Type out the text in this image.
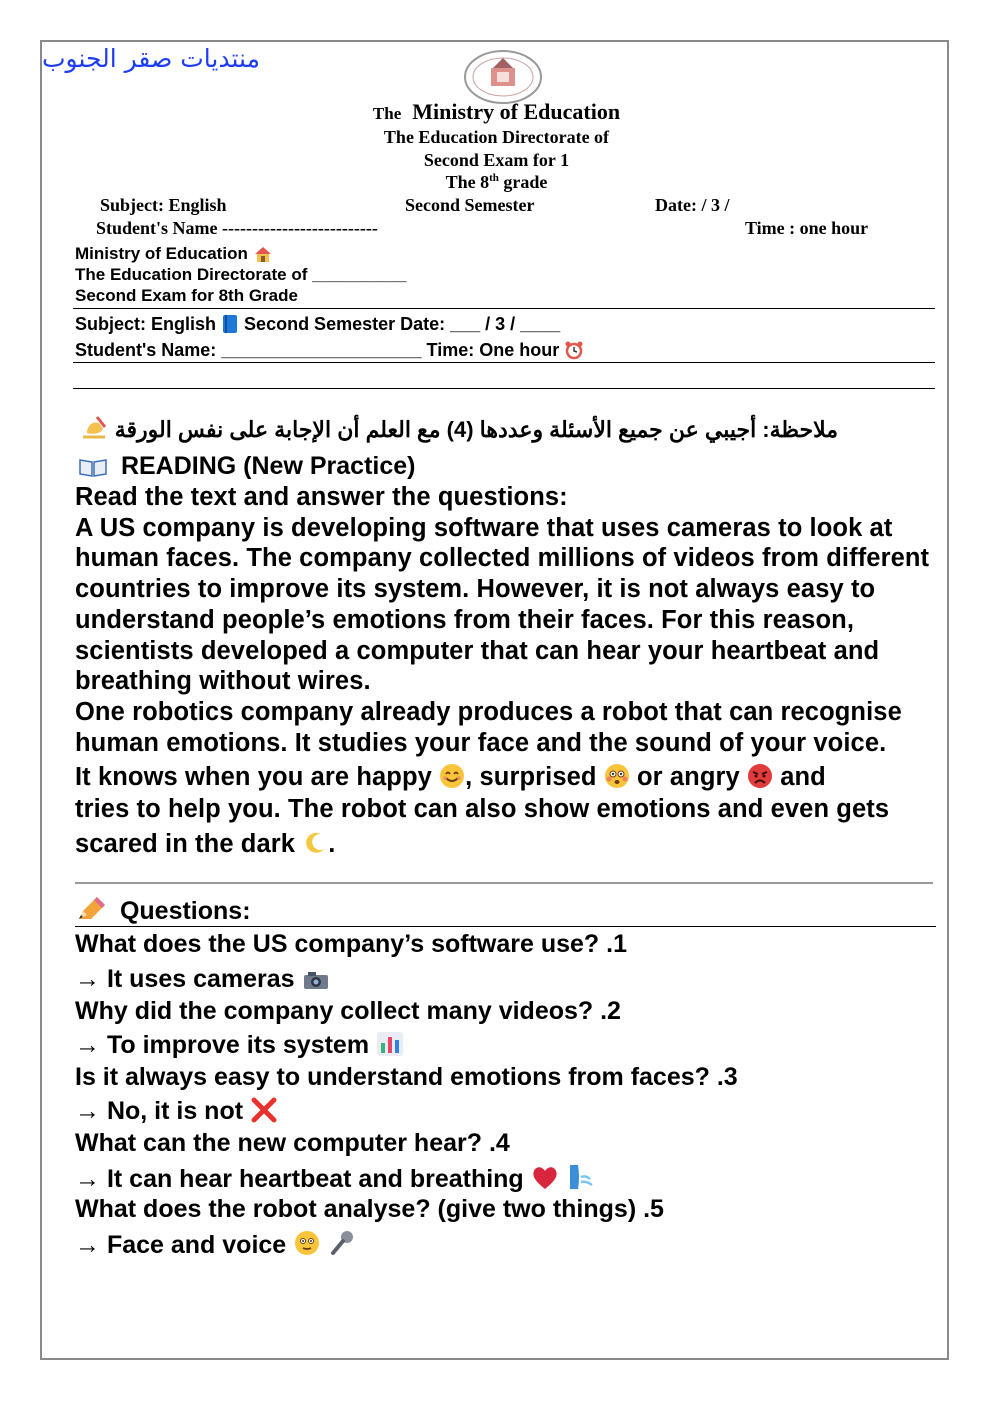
منتديات صقر الجنوب
The Ministry of Education
The Education Directorate of
Second Exam for 1
The 8th grade
Subject: English	Second Semester	Date: / 3 /
Student's Name --------------------------	Time : one hour
Ministry of Education
The Education Directorate of __________
Second Exam for 8th Grade
Subject: English Second Semester Date: ___ / 3 / ____
Student's Name: ____________________ Time: One hour
ملاحظة: أجيبي عن جميع الأسئلة وعددها (4) مع العلم أن الإجابة على نفس الورقة
READING (New Practice)

Read the text and answer the questions:

A US company is developing software that uses cameras to look at human faces. The company collected millions of videos from different countries to improve its system. However, it is not always easy to understand people’s emotions from their faces. For this reason, scientists developed a computer that can hear your heartbeat and breathing without wires.

One robotics company already produces a robot that can recognise human emotions. It studies your face and the sound of your voice.

It knows when you are happy , surprised or angry and

tries to help you. The robot can also show emotions and even gets

scared in the dark .

Questions:
What does the US company’s software use? .1
→ It uses cameras
Why did the company collect many videos? .2
→ To improve its system
Is it always easy to understand emotions from faces? .3
→ No, it is not
What can the new computer hear? .4
→ It can hear heartbeat and breathing
What does the robot analyse? (give two things) .5
→ Face and voice
